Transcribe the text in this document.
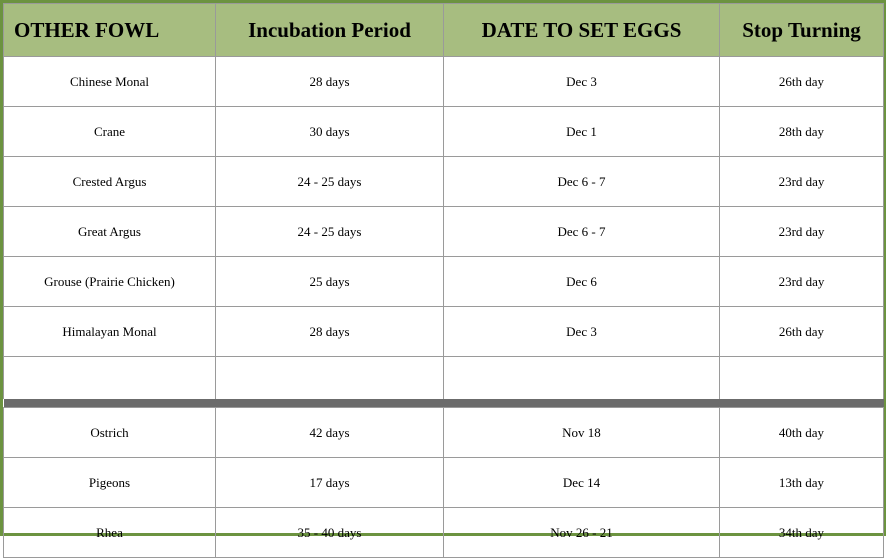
OTHER FOWL	Incubation Period	DATE TO SET EGGS	Stop Turning
Chinese Monal	28 days	Dec 3	26th day
Crane	30 days	Dec 1	28th day
Crested Argus	24 - 25 days	Dec 6 - 7	23rd day
Great Argus	24 - 25 days	Dec 6 - 7	23rd day
Grouse (Prairie Chicken)	25 days	Dec 6	23rd day
Himalayan Monal	28 days	Dec 3	26th day

Ostrich	42 days	Nov 18	40th day
Pigeons	17 days	Dec 14	13th day
Rhea	35 - 40 days	Nov 26 - 21	34th day
